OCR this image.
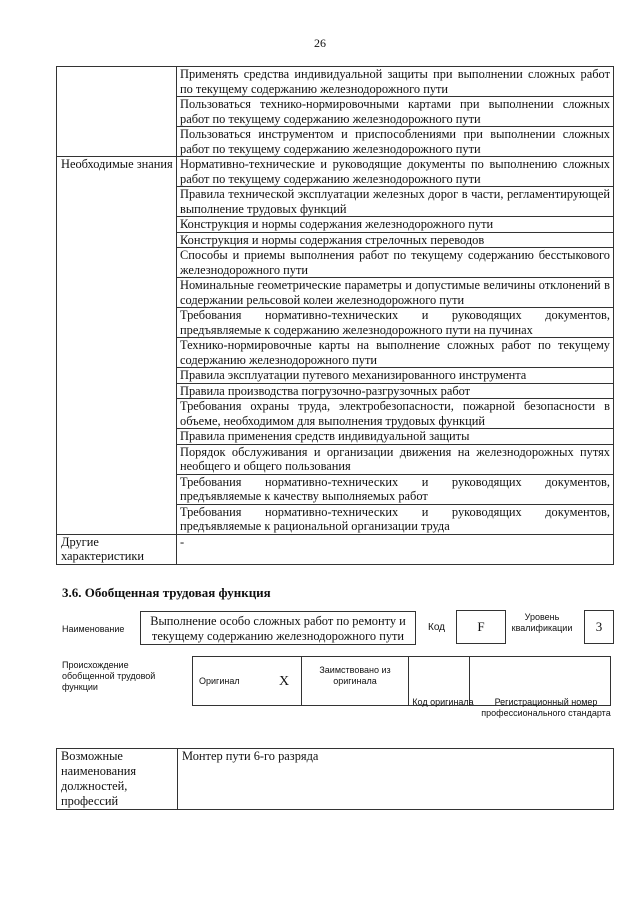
26
	Применять средства индивидуальной защиты при выполнении сложных работ по текущему содержанию железнодорожного пути
	Пользоваться технико-нормировочными картами при выполнении сложных работ по текущему содержанию железнодорожного пути
	Пользоваться инструментом и приспособлениями при выполнении сложных работ по текущему содержанию железнодорожного пути
Необходимые знания	Нормативно-технические и руководящие документы по выполнению сложных работ по текущему содержанию железнодорожного пути
	Правила технической эксплуатации железных дорог в части, регламентирующей выполнение трудовых функций
	Конструкция и нормы содержания железнодорожного пути
	Конструкция и нормы содержания стрелочных переводов
	Способы и приемы выполнения работ по текущему содержанию бесстыкового железнодорожного пути
	Номинальные геометрические параметры и допустимые величины отклонений в содержании рельсовой колеи железнодорожного пути
	Требования нормативно-технических и руководящих документов, предъявляемые к содержанию железнодорожного пути на пучинах
	Технико-нормировочные карты на выполнение сложных работ по текущему содержанию железнодорожного пути
	Правила эксплуатации путевого механизированного инструмента
	Правила производства погрузочно-разгрузочных работ
	Требования охраны труда, электробезопасности, пожарной безопасности в объеме, необходимом для выполнения трудовых функций
	Правила применения средств индивидуальной защиты
	Порядок обслуживания и организации движения на железнодорожных путях необщего и общего пользования
	Требования нормативно-технических и руководящих документов, предъявляемые к качеству выполняемых работ
	Требования нормативно-технических и руководящих документов, предъявляемые к рациональной организации труда
Другие характеристики	-
3.6. Обобщенная трудовая функция
Наименование
Выполнение особо сложных работ по ремонту и текущему содержанию железнодорожного пути
Код	F
Уровень квалификации	3
Происхождение обобщенной трудовой функции
Оригинал	X	Заимствовано из оригинала		
Код оригинала	Регистрационный номер профессионального стандарта
Возможные наименования должностей, профессий	Монтер пути 6-го разряда
